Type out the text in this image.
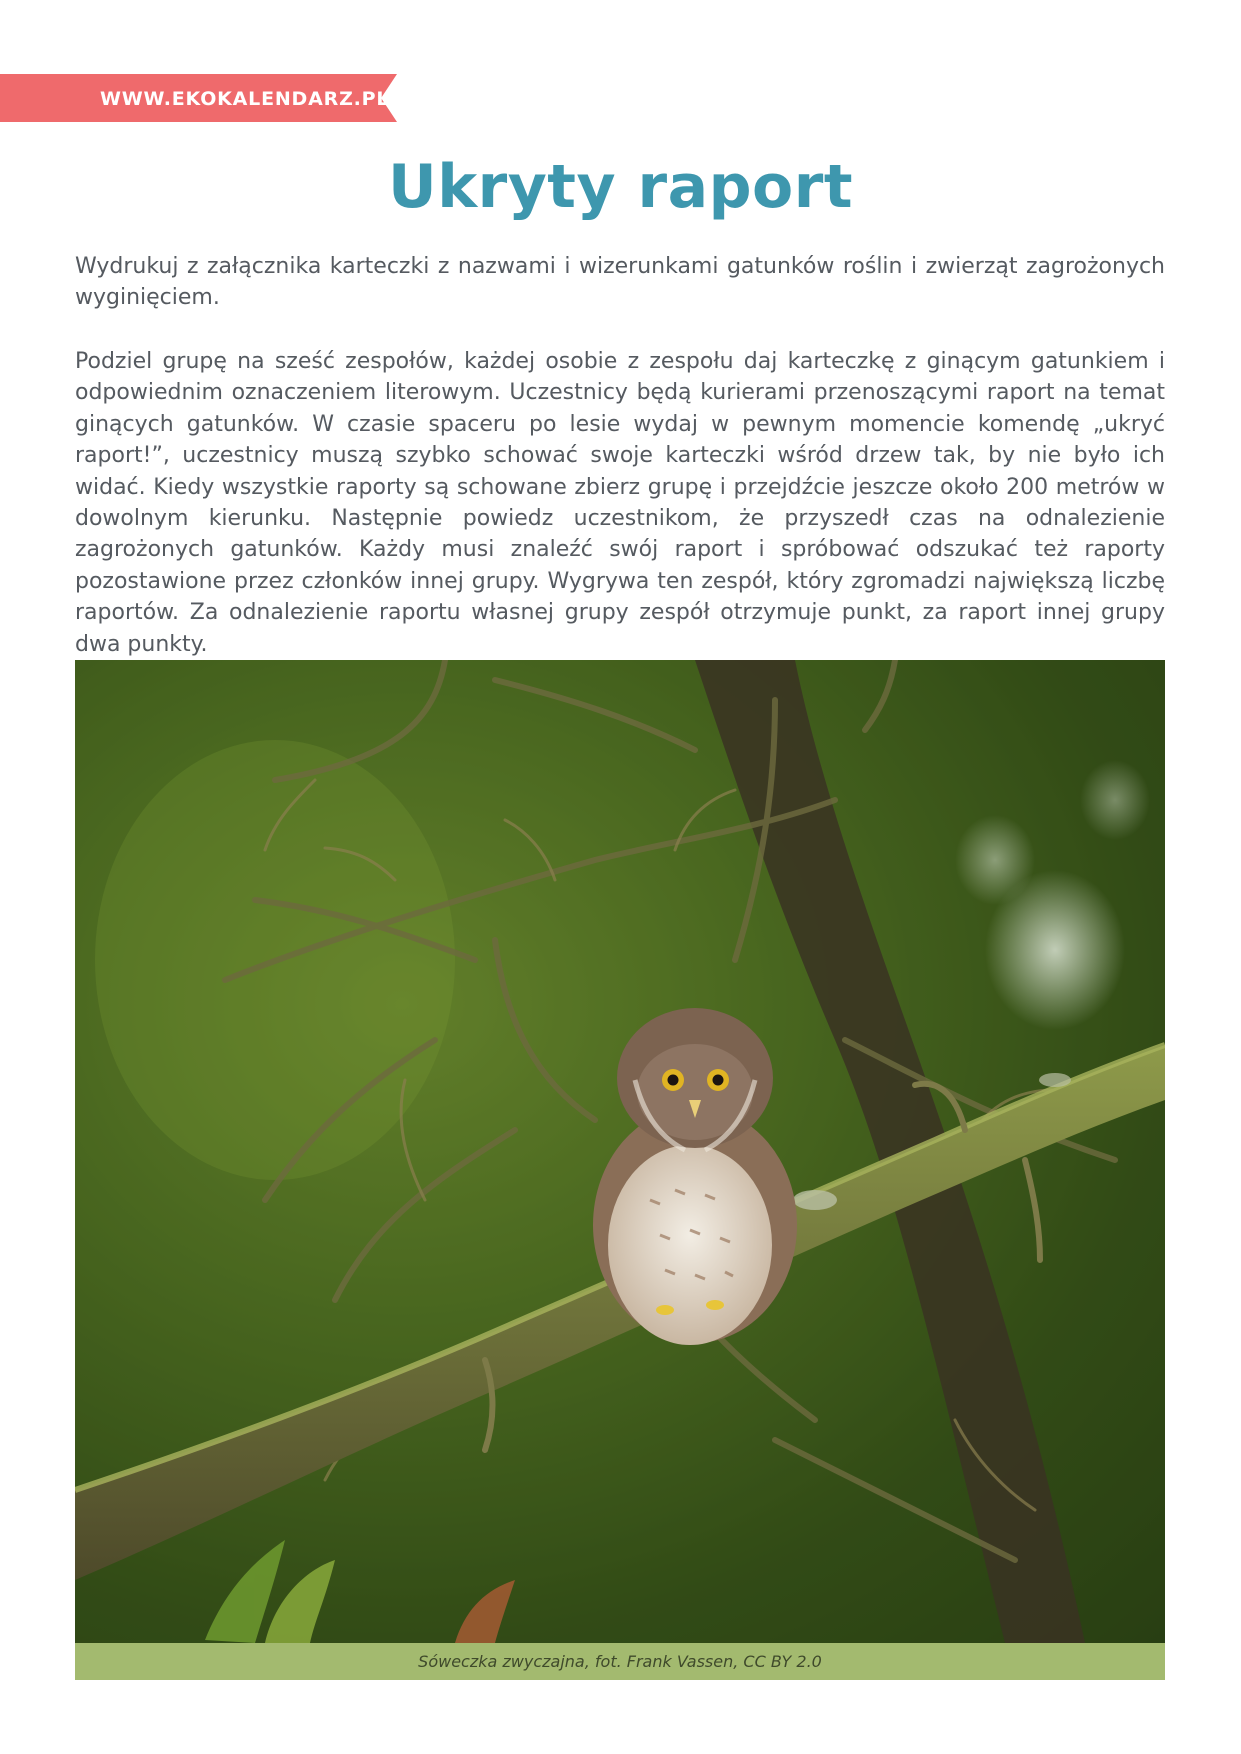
WWW.EKOKALENDARZ.PL
Ukryty raport

Wydrukuj z załącznika karteczki z nazwami i wizerunkami gatunków roślin i zwierząt zagrożonych wyginięciem.

Podziel grupę na sześć zespołów, każdej osobie z zespołu daj karteczkę z ginącym gatunkiem i odpowiednim oznaczeniem literowym. Uczestnicy będą kurierami przenoszącymi raport na temat ginących gatunków. W czasie spaceru po lesie wydaj w pewnym momencie komendę „ukryć raport!”, uczestnicy muszą szybko schować swoje karteczki wśród drzew tak, by nie było ich widać. Kiedy wszystkie raporty są schowane zbierz grupę i przejdźcie jeszcze około 200 metrów w dowolnym kierunku. Następnie powiedz uczestnikom, że przyszedł czas na odnalezienie zagrożonych gatunków. Każdy musi znaleźć swój raport i spróbować odszukać też raporty pozostawione przez członków innej grupy. Wygrywa ten zespół, który zgromadzi największą liczbę raportów. Za odnalezienie raportu własnej grupy zespół otrzymuje punkt, za raport innej grupy dwa punkty.

Sóweczka zwyczajna, fot. Frank Vassen, CC BY 2.0
